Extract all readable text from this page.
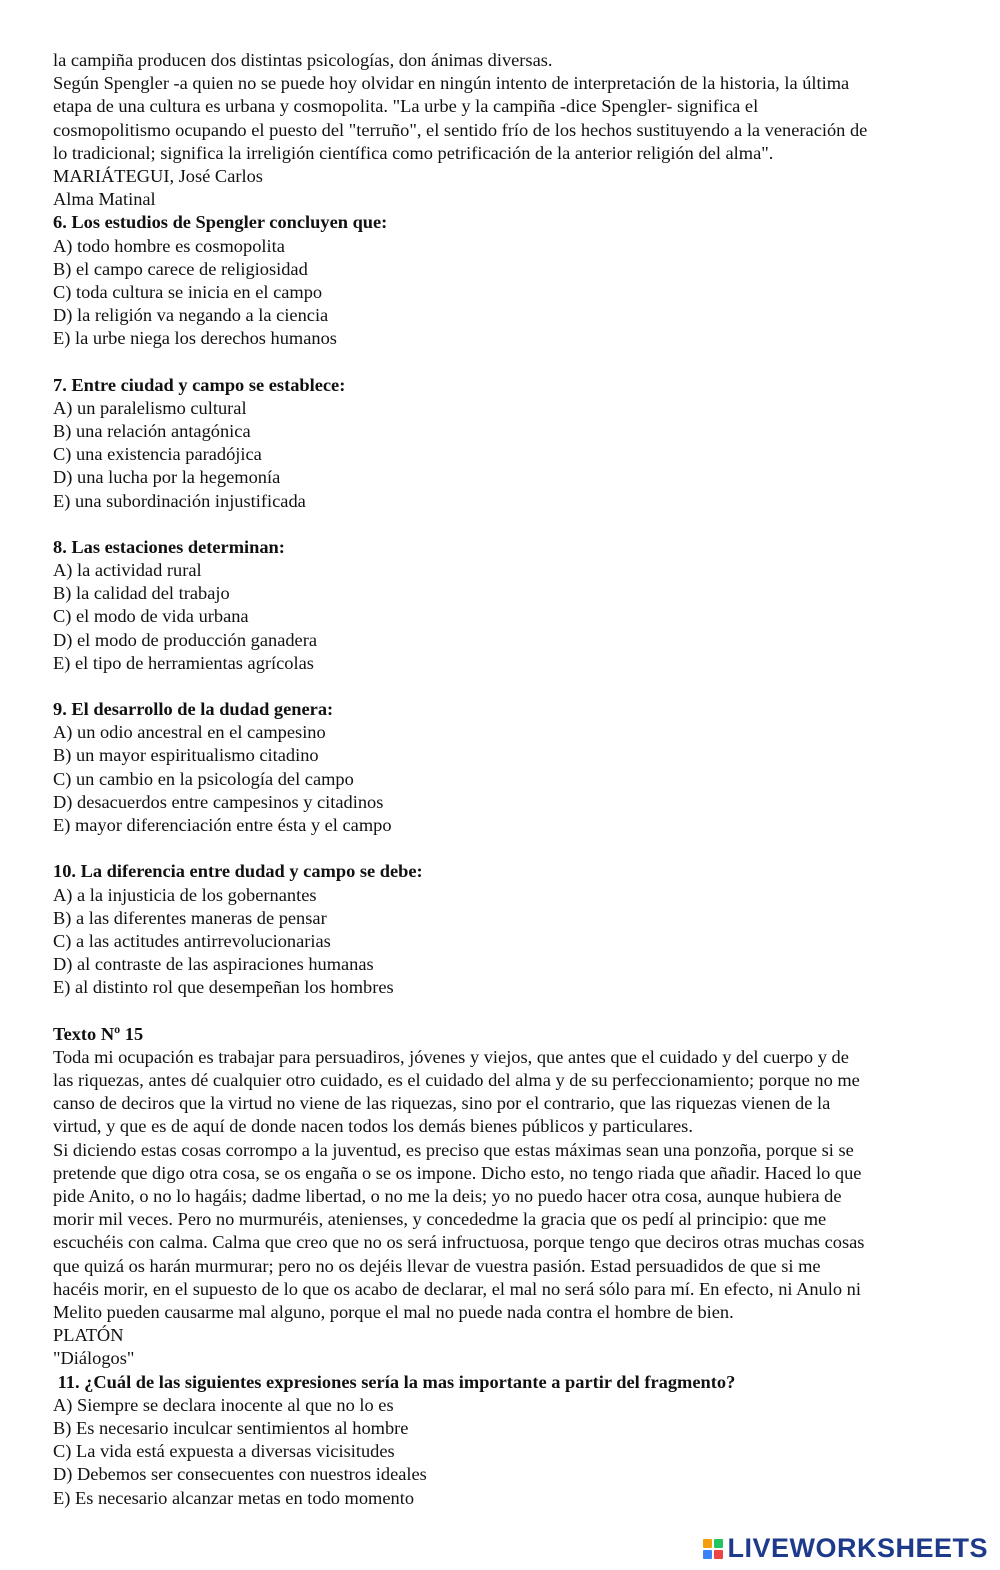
la campiña producen dos distintas psicologías, don ánimas diversas.

Según Spengler -a quien no se puede hoy olvidar en ningún intento de interpretación de la historia, la última

etapa de una cultura es urbana y cosmopolita. "La urbe y la campiña -dice Spengler- significa el

cosmopolitismo ocupando el puesto del "terruño", el sentido frío de los hechos sustituyendo a la veneración de

lo tradicional; significa la irreligión científica como petrificación de la anterior religión del alma".

MARIÁTEGUI, José Carlos

Alma Matinal

6. Los estudios de Spengler concluyen que:

A) todo hombre es cosmopolita

B) el campo carece de religiosidad

C) toda cultura se inicia en el campo

D) la religión va negando a la ciencia

E) la urbe niega los derechos humanos

7. Entre ciudad y campo se establece:

A) un paralelismo cultural

B) una relación antagónica

C) una existencia paradójica

D) una lucha por la hegemonía

E) una subordinación injustificada

8. Las estaciones determinan:

A) la actividad rural

B) la calidad del trabajo

C) el modo de vida urbana

D) el modo de producción ganadera

E) el tipo de herramientas agrícolas

9. El desarrollo de la dudad genera:

A) un odio ancestral en el campesino

B) un mayor espiritualismo citadino

C) un cambio en la psicología del campo

D) desacuerdos entre campesinos y citadinos

E) mayor diferenciación entre ésta y el campo

10. La diferencia entre dudad y campo se debe:

A) a la injusticia de los gobernantes

B) a las diferentes maneras de pensar

C) a las actitudes antirrevolucionarias

D) al contraste de las aspiraciones humanas

E) al distinto rol que desempeñan los hombres

Texto Nº 15

Toda mi ocupación es trabajar para persuadiros, jóvenes y viejos, que antes que el cuidado y del cuerpo y de

las riquezas, antes dé cualquier otro cuidado, es el cuidado del alma y de su perfeccionamiento; porque no me

canso de deciros que la virtud no viene de las riquezas, sino por el contrario, que las riquezas vienen de la

virtud, y que es de aquí de donde nacen todos los demás bienes públicos y particulares.

Si diciendo estas cosas corrompo a la juventud, es preciso que estas máximas sean una ponzoña, porque si se

pretende que digo otra cosa, se os engaña o se os impone. Dicho esto, no tengo riada que añadir. Haced lo que

pide Anito, o no lo hagáis; dadme libertad, o no me la deis; yo no puedo hacer otra cosa, aunque hubiera de

morir mil veces. Pero no murmuréis, atenienses, y concededme la gracia que os pedí al principio: que me

escuchéis con calma. Calma que creo que no os será infructuosa, porque tengo que deciros otras muchas cosas

que quizá os harán murmurar; pero no os dejéis llevar de vuestra pasión. Estad persuadidos de que si me

hacéis morir, en el supuesto de lo que os acabo de declarar, el mal no será sólo para mí. En efecto, ni Anulo ni

Melito pueden causarme mal alguno, porque el mal no puede nada contra el hombre de bien.

PLATÓN

"Diálogos"

11. ¿Cuál de las siguientes expresiones sería la mas importante a partir del fragmento?

A) Siempre se declara inocente al que no lo es

B) Es necesario inculcar sentimientos al hombre

C) La vida está expuesta a diversas vicisitudes

D) Debemos ser consecuentes con nuestros ideales

E) Es necesario alcanzar metas en todo momento

LIVEWORKSHEETS
